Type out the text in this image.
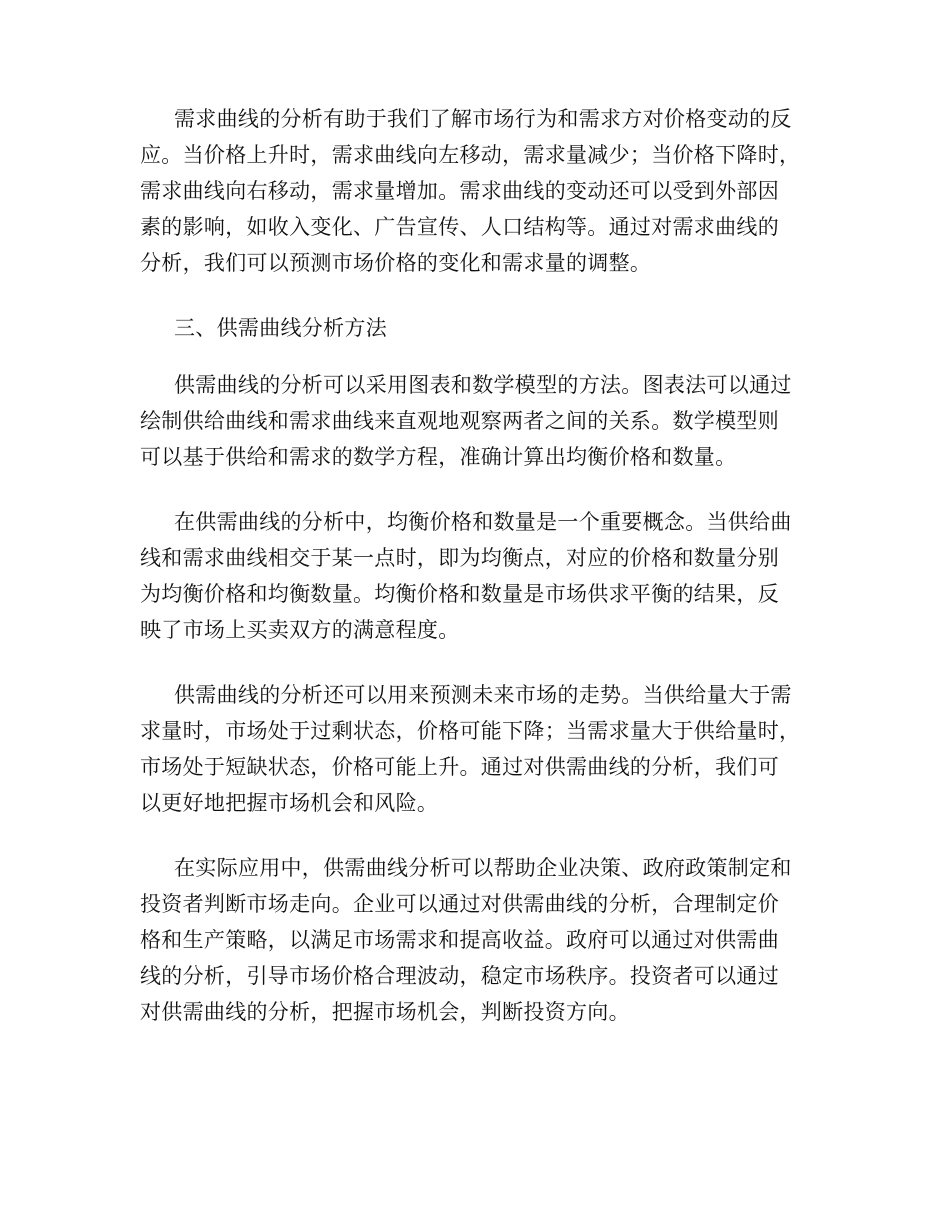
需求曲线的分析有助于我们了解市场行为和需求方对价格变动的反
应。当价格上升时，需求曲线向左移动，需求量减少；当价格下降时，
需求曲线向右移动，需求量增加。需求曲线的变动还可以受到外部因
素的影响，如收入变化、广告宣传、人口结构等。通过对需求曲线的
分析，我们可以预测市场价格的变化和需求量的调整。

三、供需曲线分析方法

供需曲线的分析可以采用图表和数学模型的方法。图表法可以通过
绘制供给曲线和需求曲线来直观地观察两者之间的关系。数学模型则
可以基于供给和需求的数学方程，准确计算出均衡价格和数量。

在供需曲线的分析中，均衡价格和数量是一个重要概念。当供给曲
线和需求曲线相交于某一点时，即为均衡点，对应的价格和数量分别
为均衡价格和均衡数量。均衡价格和数量是市场供求平衡的结果，反
映了市场上买卖双方的满意程度。

供需曲线的分析还可以用来预测未来市场的走势。当供给量大于需
求量时，市场处于过剩状态，价格可能下降；当需求量大于供给量时，
市场处于短缺状态，价格可能上升。通过对供需曲线的分析，我们可
以更好地把握市场机会和风险。

在实际应用中，供需曲线分析可以帮助企业决策、政府政策制定和
投资者判断市场走向。企业可以通过对供需曲线的分析，合理制定价
格和生产策略，以满足市场需求和提高收益。政府可以通过对供需曲
线的分析，引导市场价格合理波动，稳定市场秩序。投资者可以通过
对供需曲线的分析，把握市场机会，判断投资方向。
